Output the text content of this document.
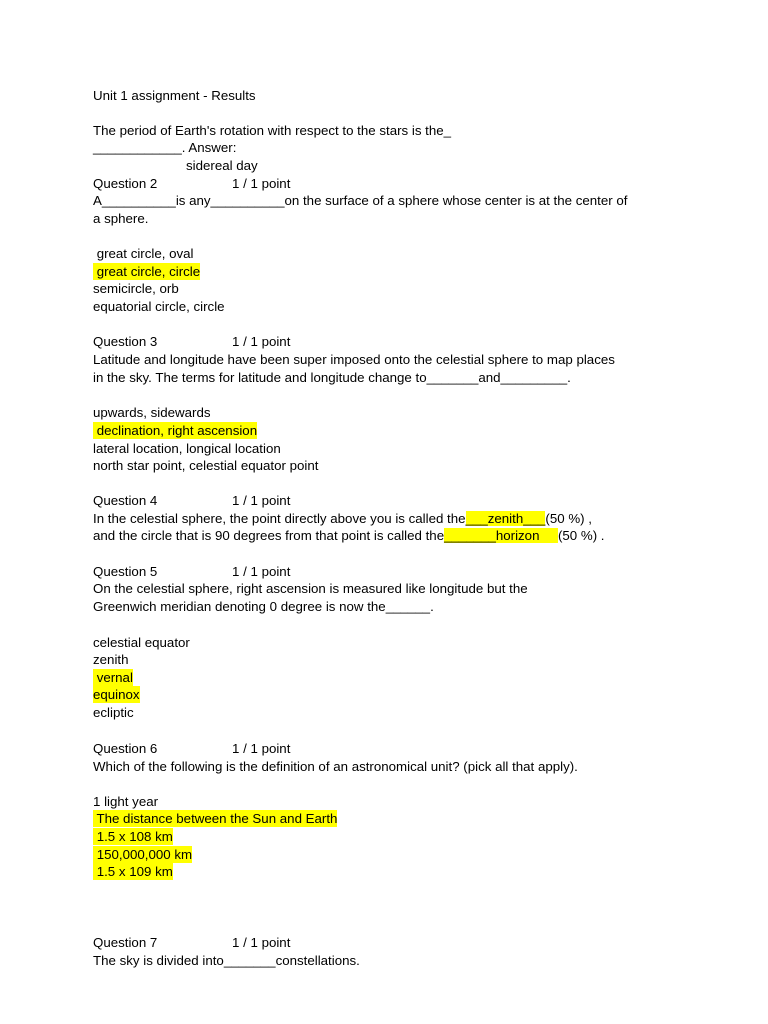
Unit 1 assignment - Results
The period of Earth's rotation with respect to the stars is the_
____________. Answer:
sidereal day
Question 2	1 / 1 point
A__________is any__________on the surface of a sphere whose center is at the center of
a sphere.
great circle, oval
great circle, circle
semicircle, orb
equatorial circle, circle
Question 3	1 / 1 point
Latitude and longitude have been super imposed onto the celestial sphere to map places
in the sky. The terms for latitude and longitude change to_______and_________.
upwards, sidewards
declination, right ascension
lateral location, longical location
north star point, celestial equator point
Question 4	1 / 1 point
In the celestial sphere, the point directly above you is called the___zenith___(50 %) ,
and the circle that is 90 degrees from that point is called the_______horizon     (50 %) .
Question 5	1 / 1 point
On the celestial sphere, right ascension is measured like longitude but the
Greenwich meridian denoting 0 degree is now the______.
celestial equator
zenith
vernal
equinox
ecliptic
Question 6	1 / 1 point
Which of the following is the definition of an astronomical unit? (pick all that apply).
1 light year
The distance between the Sun and Earth
1.5 x 108 km
150,000,000 km
1.5 x 109 km
Question 7	1 / 1 point
The sky is divided into_______constellations.
